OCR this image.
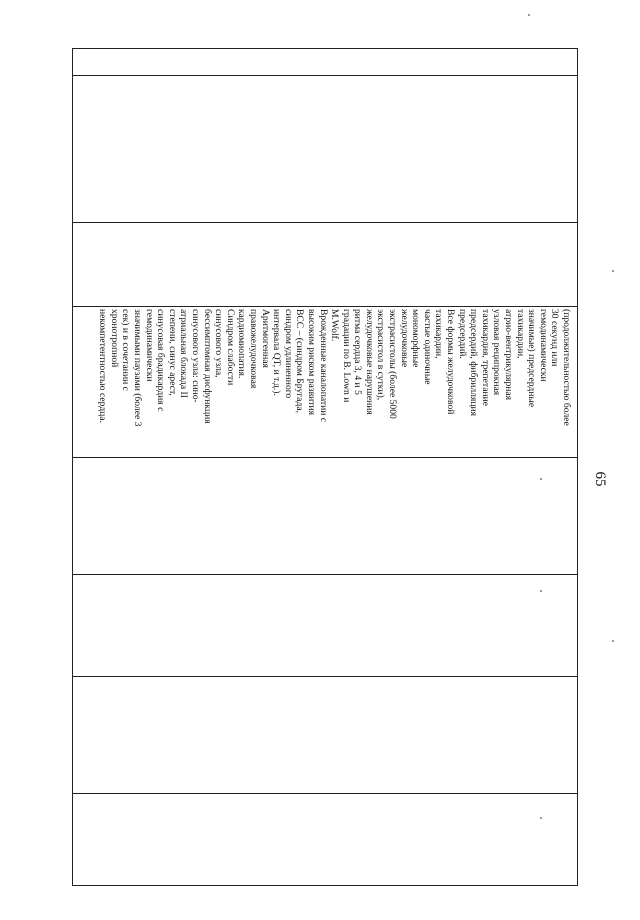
(продолжительностью более
30 секунд или
гемодинамически
значимые) предсердные
тахикардии,
атрио-вентрикулярная
узловая реципрокная
тахикардия, трепетание
предсердий, фибрилляция
предсердий.
Все формы желудочковой
тахикардии,
частые одиночные
мономорфные
желудочковые
экстрасистолы (более 5000
экстрасистол в сутки),
желудочковые нарушения
ритма сердца 3, 4 и 5
градации по B. Lown и
M.Wolf.
Врожденные каналопатии с
высоким риском развития
ВСС – (синдром Бругада,
синдром удлиненного
интервала QT, и т.д.).
Аритмогенная
правожелудочковая
кардиомиопатия.
Синдром слабости
синусового узла,
бессимптомная дисфункция
синусового узла: сино-
атриальная блокада II
степени, синус арест,
синусовая брадикардия с
гемодинамически
значимыми паузами (более 3
сек) и в сочетании с
хронотропной
некомпетентностью сердца.
65
